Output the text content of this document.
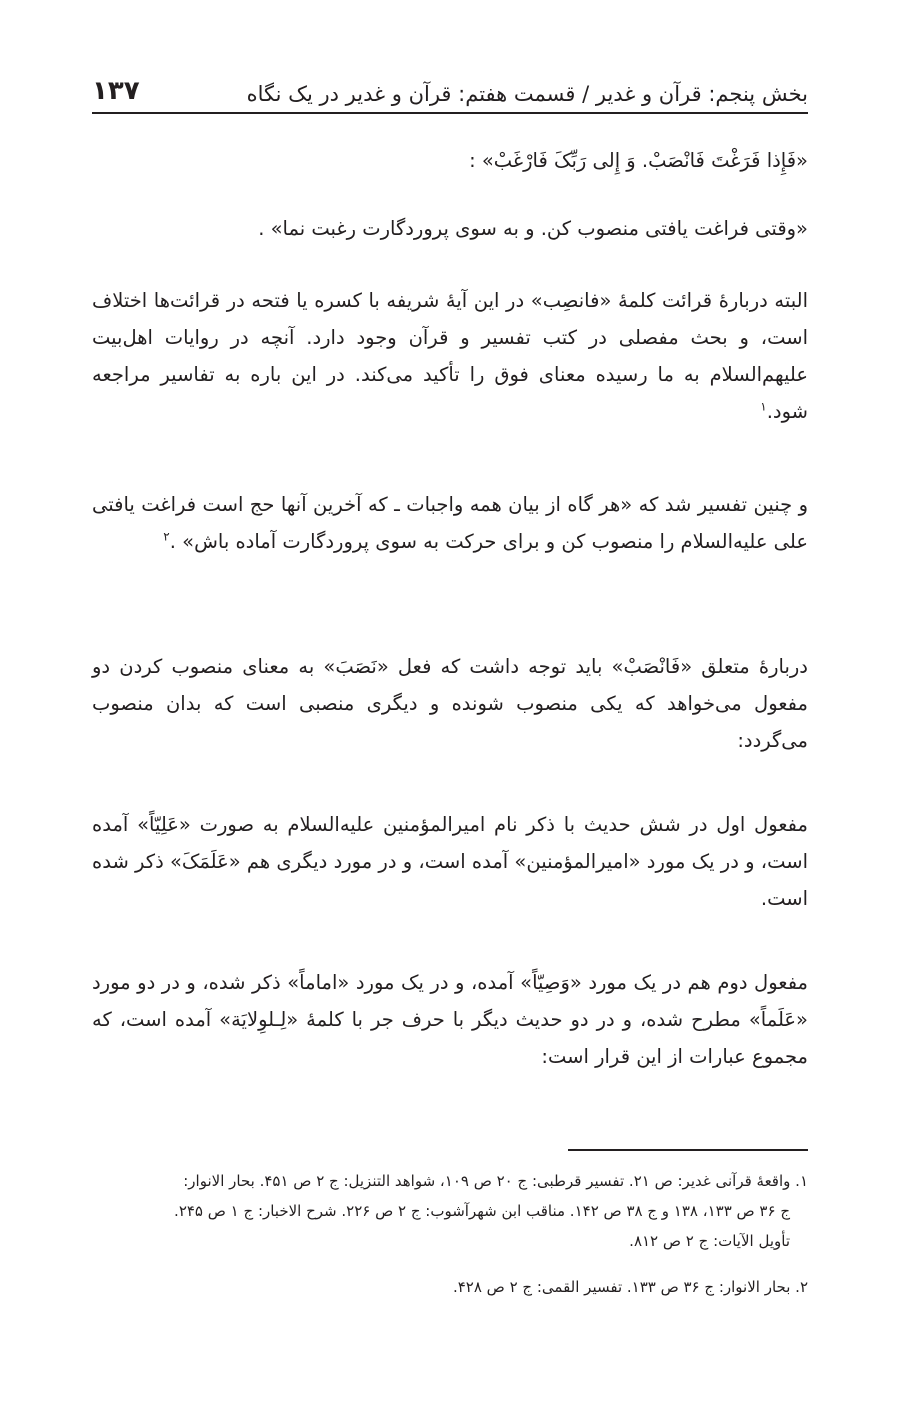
بخش پنجم: قرآن و غدیر / قسمت هفتم: قرآن و غدیر در یک نگاه
۱۳۷

«فَإِذا فَرَغْتَ فَانْصَبْ. وَ إِلی رَبِّکَ فَارْغَبْ» :

«وقتی فراغت یافتی منصوب کن. و به سوی پروردگارت رغبت نما» .

البته دربارۀ قرائت کلمۀ «فانصِب» در این آیۀ شریفه با کسره یا فتحه در قرائت‌ها اختلاف است، و بحث مفصلی در کتب تفسیر و قرآن وجود دارد. آنچه در روایات اهل‌بیت علیهم‌السلام به ما رسیده معنای فوق را تأکید می‌کند. در این باره به تفاسیر مراجعه شود.$^۱$

و چنین تفسیر شد که «هر گاه از بیان همه واجبات ـ که آخرین آنها حج است فراغت یافتی علی علیه‌السلام را منصوب کن و برای حرکت به سوی پروردگارت آماده باش» .$^۲$

دربارۀ متعلق «فَانْصَبْ» باید توجه داشت که فعل «نَصَبَ» به معنای منصوب کردن دو مفعول می‌خواهد که یکی منصوب شونده و دیگری منصبی است که بدان منصوب می‌گردد:

مفعول اول در شش حدیث با ذکر نام امیرالمؤمنین علیه‌السلام به صورت «عَلِیّاً» آمده است، و در یک مورد «امیرالمؤمنین» آمده است، و در مورد دیگری هم «عَلَمَکَ» ذکر شده است.

مفعول دوم هم در یک مورد «وَصِیّاً» آمده، و در یک مورد «اماماً» ذکر شده، و در دو مورد «عَلَماً» مطرح شده، و در دو حدیث دیگر با حرف جر با کلمۀ «لِـلوِلایَة» آمده است، که مجموع عبارات از این قرار است:

۱. واقعۀ قرآنی غدیر: ص ۲۱. تفسیر قرطبی: ج ۲۰ ص ۱۰۹، شواهد التنزیل: ج ۲ ص ۴۵۱. بحار الانوار:
ج ۳۶ ص ۱۳۳، ۱۳۸ و ج ۳۸ ص ۱۴۲. مناقب ابن شهرآشوب: ج ۲ ص ۲۲۶. شرح الاخبار: ج ۱ ص ۲۴۵.
تأویل الآیات: ج ۲ ص ۸۱۲.

۲. بحار الانوار: ج ۳۶ ص ۱۳۳. تفسیر القمی: ج ۲ ص ۴۲۸.
